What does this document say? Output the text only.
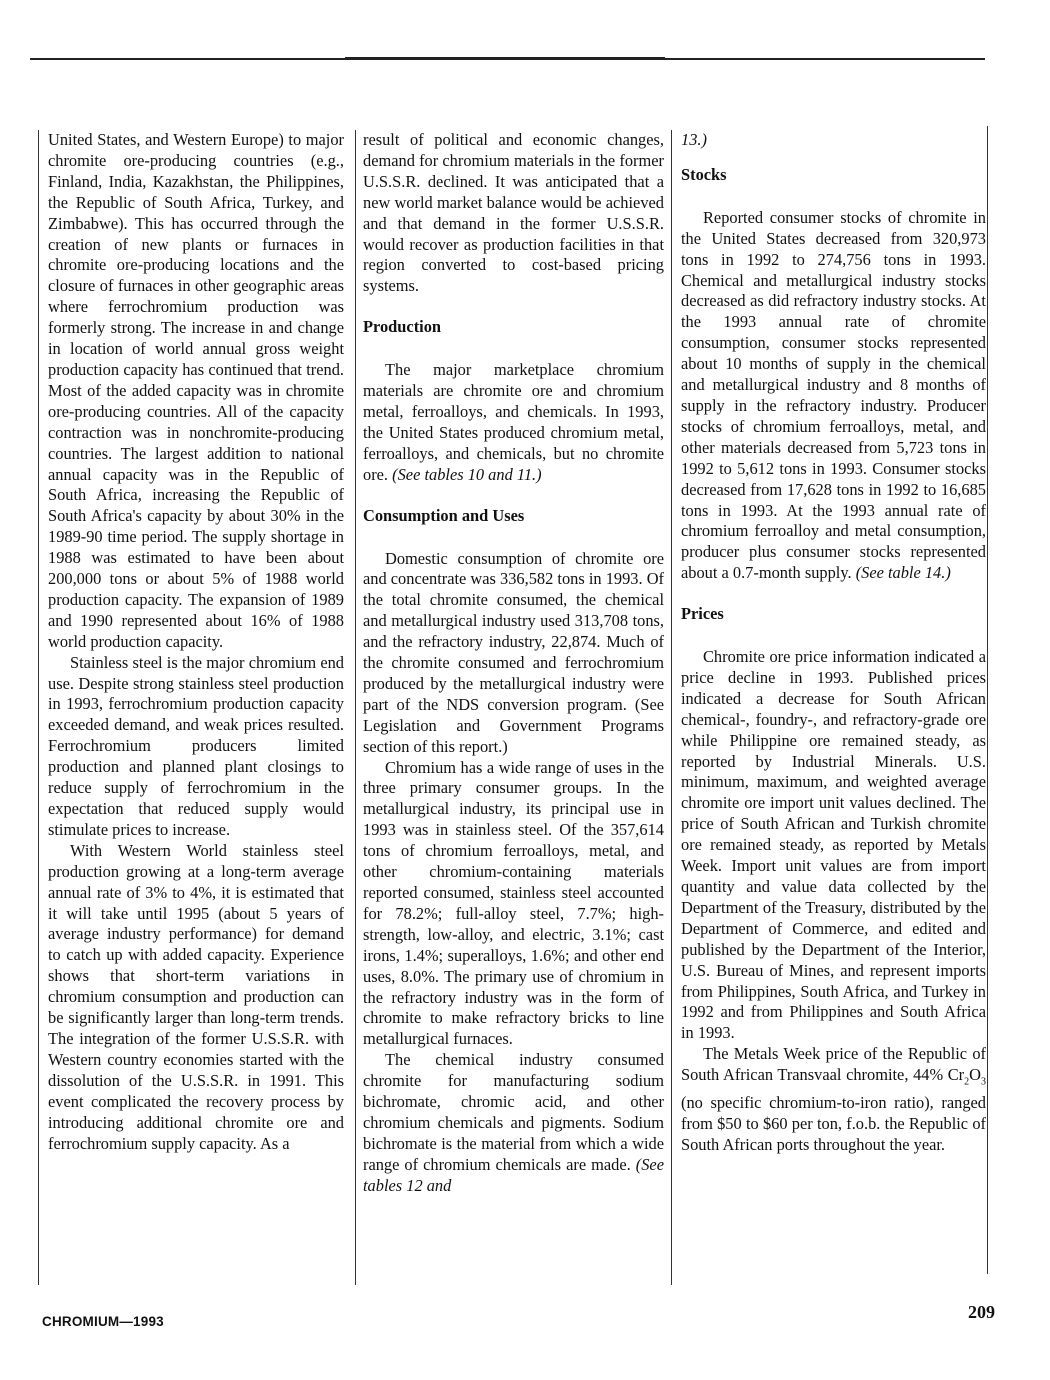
United States, and Western Europe) to major chromite ore-producing countries (e.g., Finland, India, Kazakhstan, the Philippines, the Republic of South Africa, Turkey, and Zimbabwe). This has occurred through the creation of new plants or furnaces in chromite ore-producing locations and the closure of furnaces in other geographic areas where ferrochromium production was formerly strong. The increase in and change in location of world annual gross weight production capacity has continued that trend. Most of the added capacity was in chromite ore-producing countries. All of the capacity contraction was in nonchromite-producing countries. The largest addition to national annual capacity was in the Republic of South Africa, increasing the Republic of South Africa's capacity by about 30% in the 1989-90 time period. The supply shortage in 1988 was estimated to have been about 200,000 tons or about 5% of 1988 world production capacity. The expansion of 1989 and 1990 represented about 16% of 1988 world production capacity.

Stainless steel is the major chromium end use. Despite strong stainless steel production in 1993, ferrochromium production capacity exceeded demand, and weak prices resulted. Ferrochromium producers limited production and planned plant closings to reduce supply of ferrochromium in the expectation that reduced supply would stimulate prices to increase.

With Western World stainless steel production growing at a long-term average annual rate of 3% to 4%, it is estimated that it will take until 1995 (about 5 years of average industry performance) for demand to catch up with added capacity. Experience shows that short-term variations in chromium consumption and production can be significantly larger than long-term trends. The integration of the former U.S.S.R. with Western country economies started with the dissolution of the U.S.S.R. in 1991. This event complicated the recovery process by introducing additional chromite ore and ferrochromium supply capacity. As a

result of political and economic changes, demand for chromium materials in the former U.S.S.R. declined. It was anticipated that a new world market balance would be achieved and that demand in the former U.S.S.R. would recover as production facilities in that region converted to cost-based pricing systems.

Production

The major marketplace chromium materials are chromite ore and chromium metal, ferroalloys, and chemicals. In 1993, the United States produced chromium metal, ferroalloys, and chemicals, but no chromite ore. (See tables 10 and 11.)

Consumption and Uses

Domestic consumption of chromite ore and concentrate was 336,582 tons in 1993. Of the total chromite consumed, the chemical and metallurgical industry used 313,708 tons, and the refractory industry, 22,874. Much of the chromite consumed and ferrochromium produced by the metallurgical industry were part of the NDS conversion program. (See Legislation and Government Programs section of this report.)

Chromium has a wide range of uses in the three primary consumer groups. In the metallurgical industry, its principal use in 1993 was in stainless steel. Of the 357,614 tons of chromium ferroalloys, metal, and other chromium-containing materials reported consumed, stainless steel accounted for 78.2%; full-alloy steel, 7.7%; high-strength, low-alloy, and electric, 3.1%; cast irons, 1.4%; superalloys, 1.6%; and other end uses, 8.0%. The primary use of chromium in the refractory industry was in the form of chromite to make refractory bricks to line metallurgical furnaces.

The chemical industry consumed chromite for manufacturing sodium bichromate, chromic acid, and other chromium chemicals and pigments. Sodium bichromate is the material from which a wide range of chromium chemicals are made. (See tables 12 and

13.)

Stocks

Reported consumer stocks of chromite in the United States decreased from 320,973 tons in 1992 to 274,756 tons in 1993. Chemical and metallurgical industry stocks decreased as did refractory industry stocks. At the 1993 annual rate of chromite consumption, consumer stocks represented about 10 months of supply in the chemical and metallurgical industry and 8 months of supply in the refractory industry. Producer stocks of chromium ferroalloys, metal, and other materials decreased from 5,723 tons in 1992 to 5,612 tons in 1993. Consumer stocks decreased from 17,628 tons in 1992 to 16,685 tons in 1993. At the 1993 annual rate of chromium ferroalloy and metal consumption, producer plus consumer stocks represented about a 0.7-month supply. (See table 14.)

Prices

Chromite ore price information indicated a price decline in 1993. Published prices indicated a decrease for South African chemical-, foundry-, and refractory-grade ore while Philippine ore remained steady, as reported by Industrial Minerals. U.S. minimum, maximum, and weighted average chromite ore import unit values declined. The price of South African and Turkish chromite ore remained steady, as reported by Metals Week. Import unit values are from import quantity and value data collected by the Department of the Treasury, distributed by the Department of Commerce, and edited and published by the Department of the Interior, U.S. Bureau of Mines, and represent imports from Philippines, South Africa, and Turkey in 1992 and from Philippines and South Africa in 1993.

The Metals Week price of the Republic of South African Transvaal chromite, 44% $Cr_2O_3$ (no specific chromium-to-iron ratio), ranged from $50 to $60 per ton, f.o.b. the Republic of South African ports throughout the year.

CHROMIUM—1993	209
